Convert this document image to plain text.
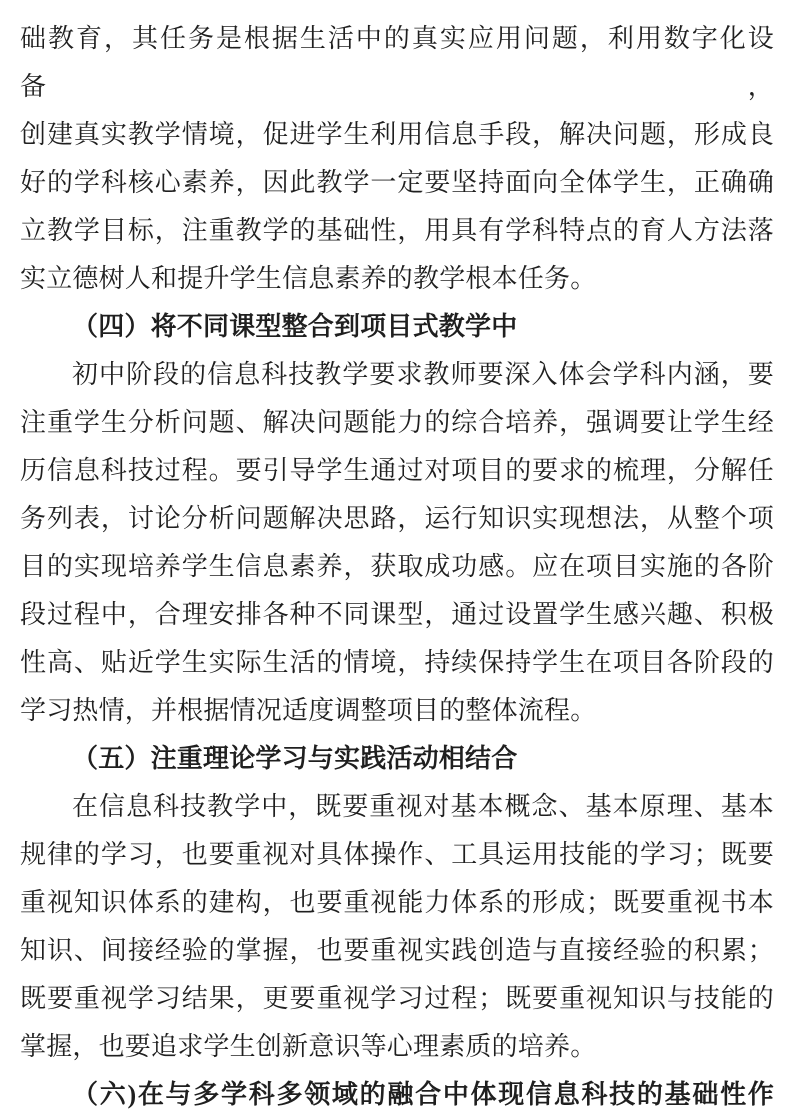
础教育，其任务是根据生活中的真实应用问题，利用数字化设备，
创建真实教学情境，促进学生利用信息手段，解决问题，形成良
好的学科核心素养，因此教学一定要坚持面向全体学生，正确确
立教学目标，注重教学的基础性，用具有学科特点的育人方法落
实立德树人和提升学生信息素养的教学根本任务。
（四）将不同课型整合到项目式教学中
初中阶段的信息科技教学要求教师要深入体会学科内涵，要
注重学生分析问题、解决问题能力的综合培养，强调要让学生经
历信息科技过程。要引导学生通过对项目的要求的梳理，分解任
务列表，讨论分析问题解决思路，运行知识实现想法，从整个项
目的实现培养学生信息素养，获取成功感。应在项目实施的各阶
段过程中，合理安排各种不同课型，通过设置学生感兴趣、积极
性高、贴近学生实际生活的情境，持续保持学生在项目各阶段的
学习热情，并根据情况适度调整项目的整体流程。
（五）注重理论学习与实践活动相结合
在信息科技教学中，既要重视对基本概念、基本原理、基本
规律的学习，也要重视对具体操作、工具运用技能的学习；既要
重视知识体系的建构，也要重视能力体系的形成；既要重视书本
知识、间接经验的掌握，也要重视实践创造与直接经验的积累；
既要重视学习结果，更要重视学习过程；既要重视知识与技能的
掌握，也要追求学生创新意识等心理素质的培养。
（六)在与多学科多领域的融合中体现信息科技的基础性作
